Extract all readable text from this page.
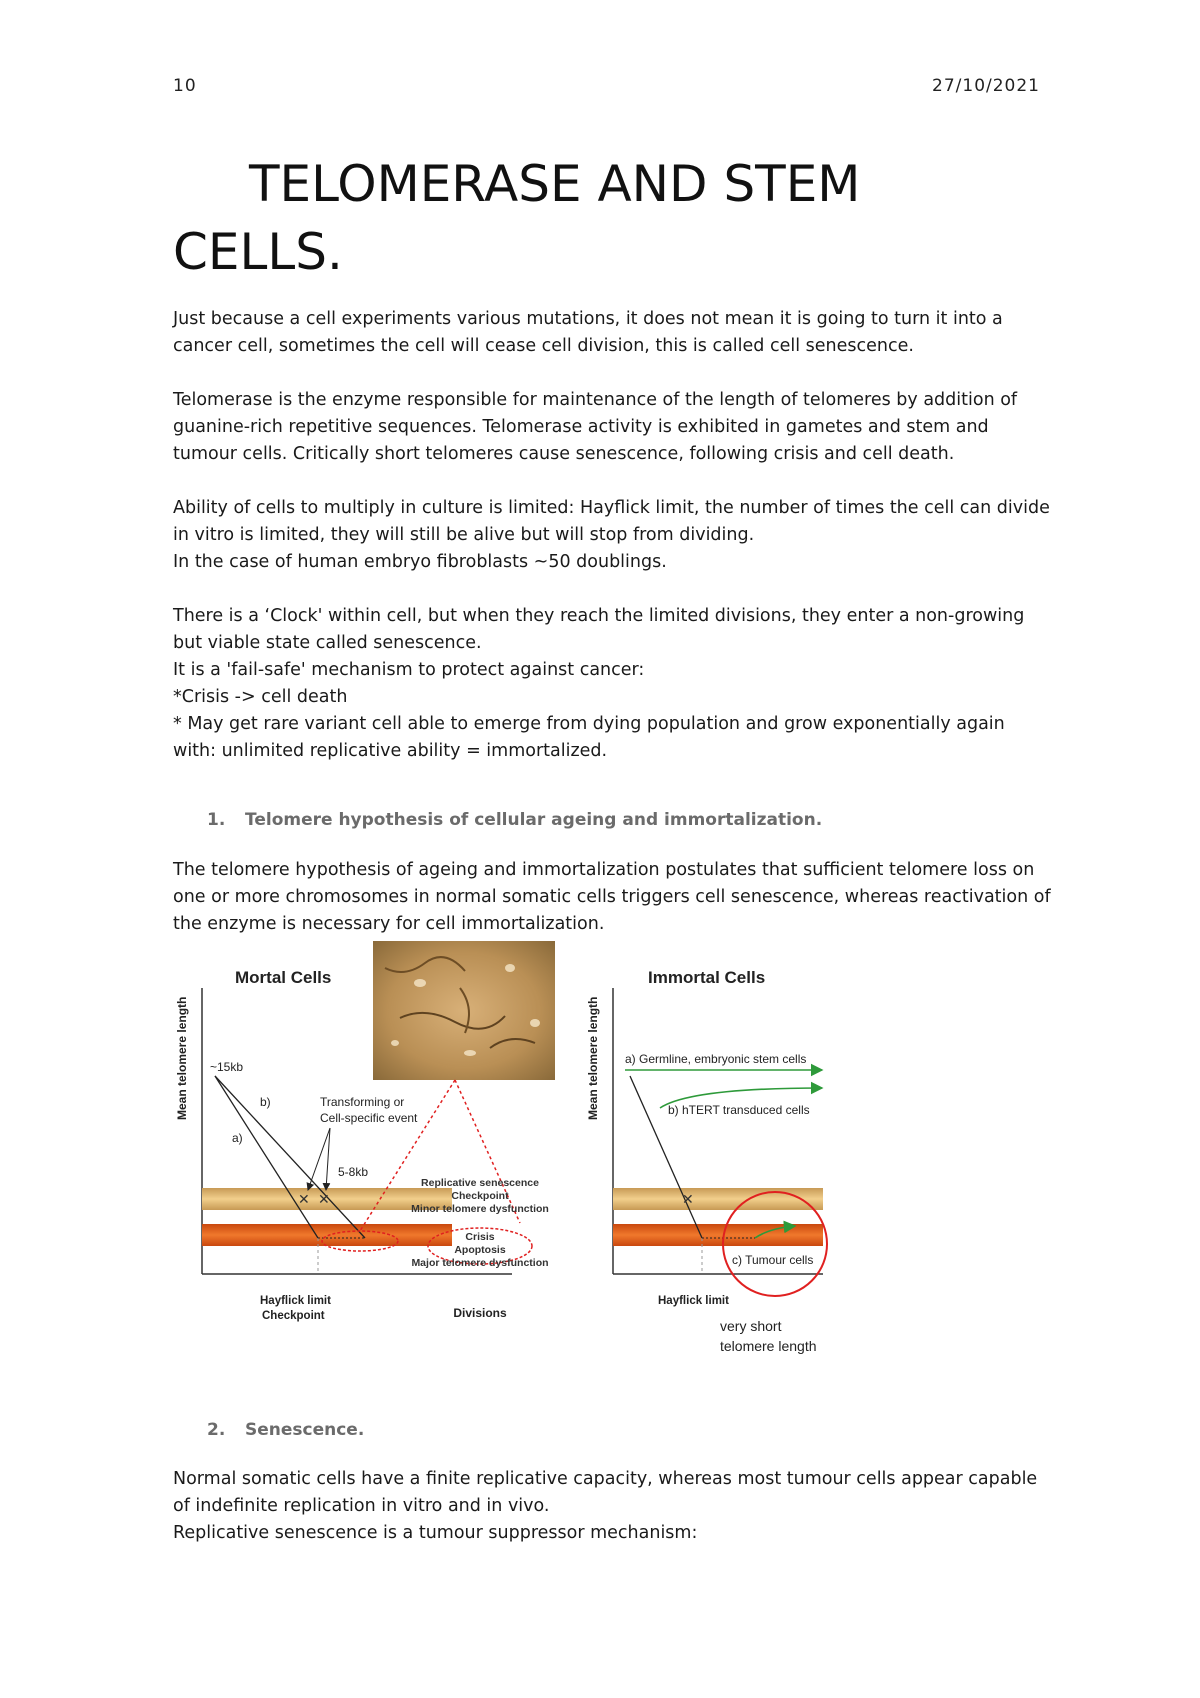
10	27/10/2021
TELOMERASE AND STEM CELLS.

Just because a cell experiments various mutations, it does not mean it is going to turn it into a cancer cell, sometimes the cell will cease cell division, this is called cell senescence.

Telomerase is the enzyme responsible for maintenance of the length of telomeres by addition of guanine-rich repetitive sequences. Telomerase activity is exhibited in gametes and stem and tumour cells. Critically short telomeres cause senescence, following crisis and cell death.

Ability of cells to multiply in culture is limited: Hayflick limit, the number of times the cell can divide in vitro is limited, they will still be alive but will stop from dividing.

In the case of human embryo fibroblasts ~50 doublings.

There is a ‘Clock' within cell, but when they reach the limited divisions, they enter a non-growing but viable state called senescence.

It is a 'fail-safe' mechanism to protect against cancer:

*Crisis -> cell death

* May get rare variant cell able to emerge from dying population and grow exponentially again with: unlimited replicative ability = immortalized.

1. Telomere hypothesis of cellular ageing and immortalization.

The telomere hypothesis of ageing and immortalization postulates that sufficient telomere loss on one or more chromosomes in normal somatic cells triggers cell senescence, whereas reactivation of the enzyme is necessary for cell immortalization.

Mortal Cells	Immortal Cells
Mean telomere length	Mean telomere length
✕ ✕
~15kb
b)
a)
Transforming or
Cell-specific event
5-8kb
Hayflick limit
Checkpoint
Replicative senescence
Checkpoint
Minor telomere dysfunction
Crisis
Apoptosis
Major telomere dysfunction
Divisions
✕
a) Germline, embryonic stem cells
b) hTERT transduced cells
c) Tumour cells
Hayflick limit
very short
telomere length
2. Senescence.

Normal somatic cells have a finite replicative capacity, whereas most tumour cells appear capable of indefinite replication in vitro and in vivo.

Replicative senescence is a tumour suppressor mechanism:
